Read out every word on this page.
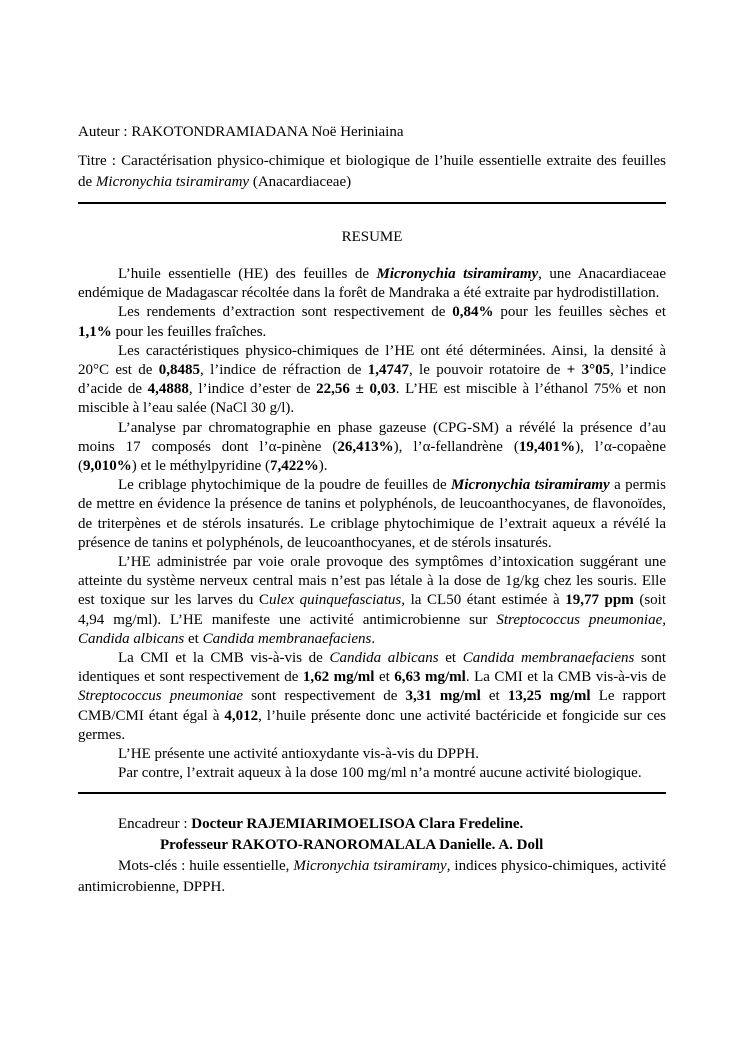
Auteur : RAKOTONDRAMIADANA Noë Heriniaina

Titre : Caractérisation physico-chimique et biologique de l’huile essentielle extraite des feuilles de Micronychia tsiramiramy (Anacardiaceae)

RESUME

L’huile essentielle (HE) des feuilles de Micronychia tsiramiramy, une Anacardiaceae endémique de Madagascar récoltée dans la forêt de Mandraka a été extraite par hydrodistillation.

Les rendements d’extraction sont respectivement de 0,84% pour les feuilles sèches et 1,1% pour les feuilles fraîches.

Les caractéristiques physico-chimiques de l’HE ont été déterminées. Ainsi, la densité à 20°C est de 0,8485, l’indice de réfraction de 1,4747, le pouvoir rotatoire de + 3°05, l’indice d’acide de 4,4888, l’indice d’ester de 22,56 ± 0,03. L’HE est miscible à l’éthanol 75% et non miscible à l’eau salée (NaCl 30 g/l).

L’analyse par chromatographie en phase gazeuse (CPG-SM) a révélé la présence d’au moins 17 composés dont l’α-pinène (26,413%), l’α-fellandrène (19,401%), l’α-copaène (9,010%) et le méthylpyridine (7,422%).

Le criblage phytochimique de la poudre de feuilles de Micronychia tsiramiramy a permis de mettre en évidence la présence de tanins et polyphénols, de leucoanthocyanes, de flavonoïdes, de triterpènes et de stérols insaturés. Le criblage phytochimique de l’extrait aqueux a révélé la présence de tanins et polyphénols, de leucoanthocyanes, et de stérols insaturés.

L’HE administrée par voie orale provoque des symptômes d’intoxication suggérant une atteinte du système nerveux central mais n’est pas létale à la dose de 1g/kg chez les souris. Elle est toxique sur les larves du Culex quinquefasciatus, la CL50 étant estimée à 19,77 ppm (soit 4,94 mg/ml). L’HE manifeste une activité antimicrobienne sur Streptococcus pneumoniae, Candida albicans et Candida membranaefaciens.

La CMI et la CMB vis-à-vis de Candida albicans et Candida membranaefaciens sont identiques et sont respectivement de 1,62 mg/ml et 6,63 mg/ml. La CMI et la CMB vis-à-vis de Streptococcus pneumoniae sont respectivement de 3,31 mg/ml et 13,25 mg/ml Le rapport CMB/CMI étant égal à 4,012, l’huile présente donc une activité bactéricide et fongicide sur ces germes.

L’HE présente une activité antioxydante vis-à-vis du DPPH.

Par contre, l’extrait aqueux à la dose 100 mg/ml n’a montré aucune activité biologique.

Encadreur : Docteur RAJEMIARIMOELISOA Clara Fredeline.

Professeur RAKOTO-RANOROMALALA Danielle. A. Doll

Mots-clés : huile essentielle, Micronychia tsiramiramy, indices physico-chimiques, activité antimicrobienne, DPPH.
